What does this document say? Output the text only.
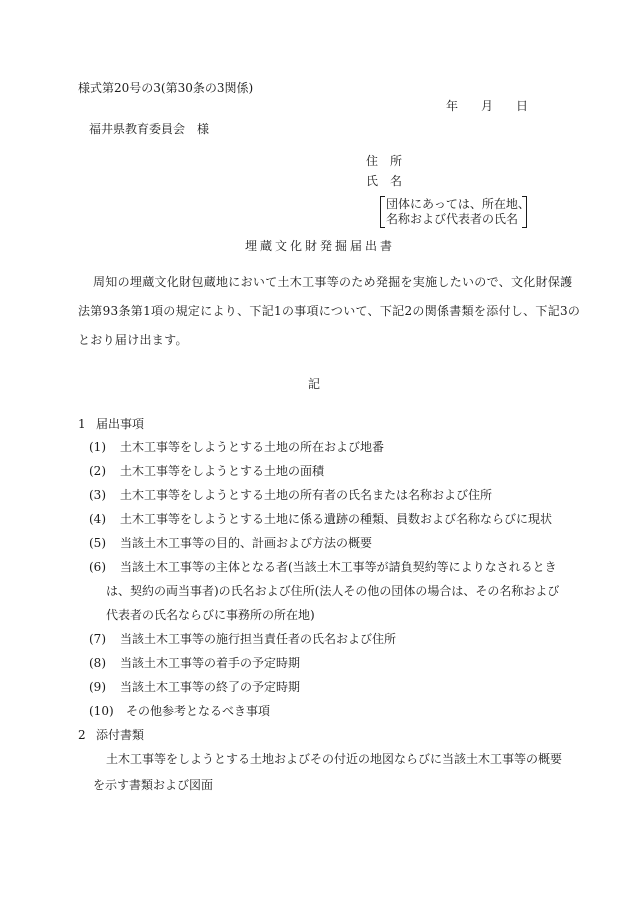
様式第20号の3(第30条の3関係)
年 月 日
福井県教育委員会　様
住　所
氏　名
団体にあっては、所在地、
名称および代表者の氏名
埋蔵文化財発掘届出書
周知の埋蔵文化財包蔵地において土木工事等のため発掘を実施したいので、文化財保護
法第93条第1項の規定により、下記1の事項について、下記2の関係書類を添付し、下記3の
とおり届け出ます。
記
1 届出事項
(1) 土木工事等をしようとする土地の所在および地番
(2) 土木工事等をしようとする土地の面積
(3) 土木工事等をしようとする土地の所有者の氏名または名称および住所
(4) 土木工事等をしようとする土地に係る遺跡の種類、員数および名称ならびに現状
(5) 当該土木工事等の目的、計画および方法の概要
(6) 当該土木工事等の主体となる者(当該土木工事等が請負契約等によりなされるとき
は、契約の両当事者)の氏名および住所(法人その他の団体の場合は、その名称および
代表者の氏名ならびに事務所の所在地)
(7) 当該土木工事等の施行担当責任者の氏名および住所
(8) 当該土木工事等の着手の予定時期
(9) 当該土木工事等の終了の予定時期
(10) その他参考となるべき事項
2 添付書類
土木工事等をしようとする土地およびその付近の地図ならびに当該土木工事等の概要
を示す書類および図面
